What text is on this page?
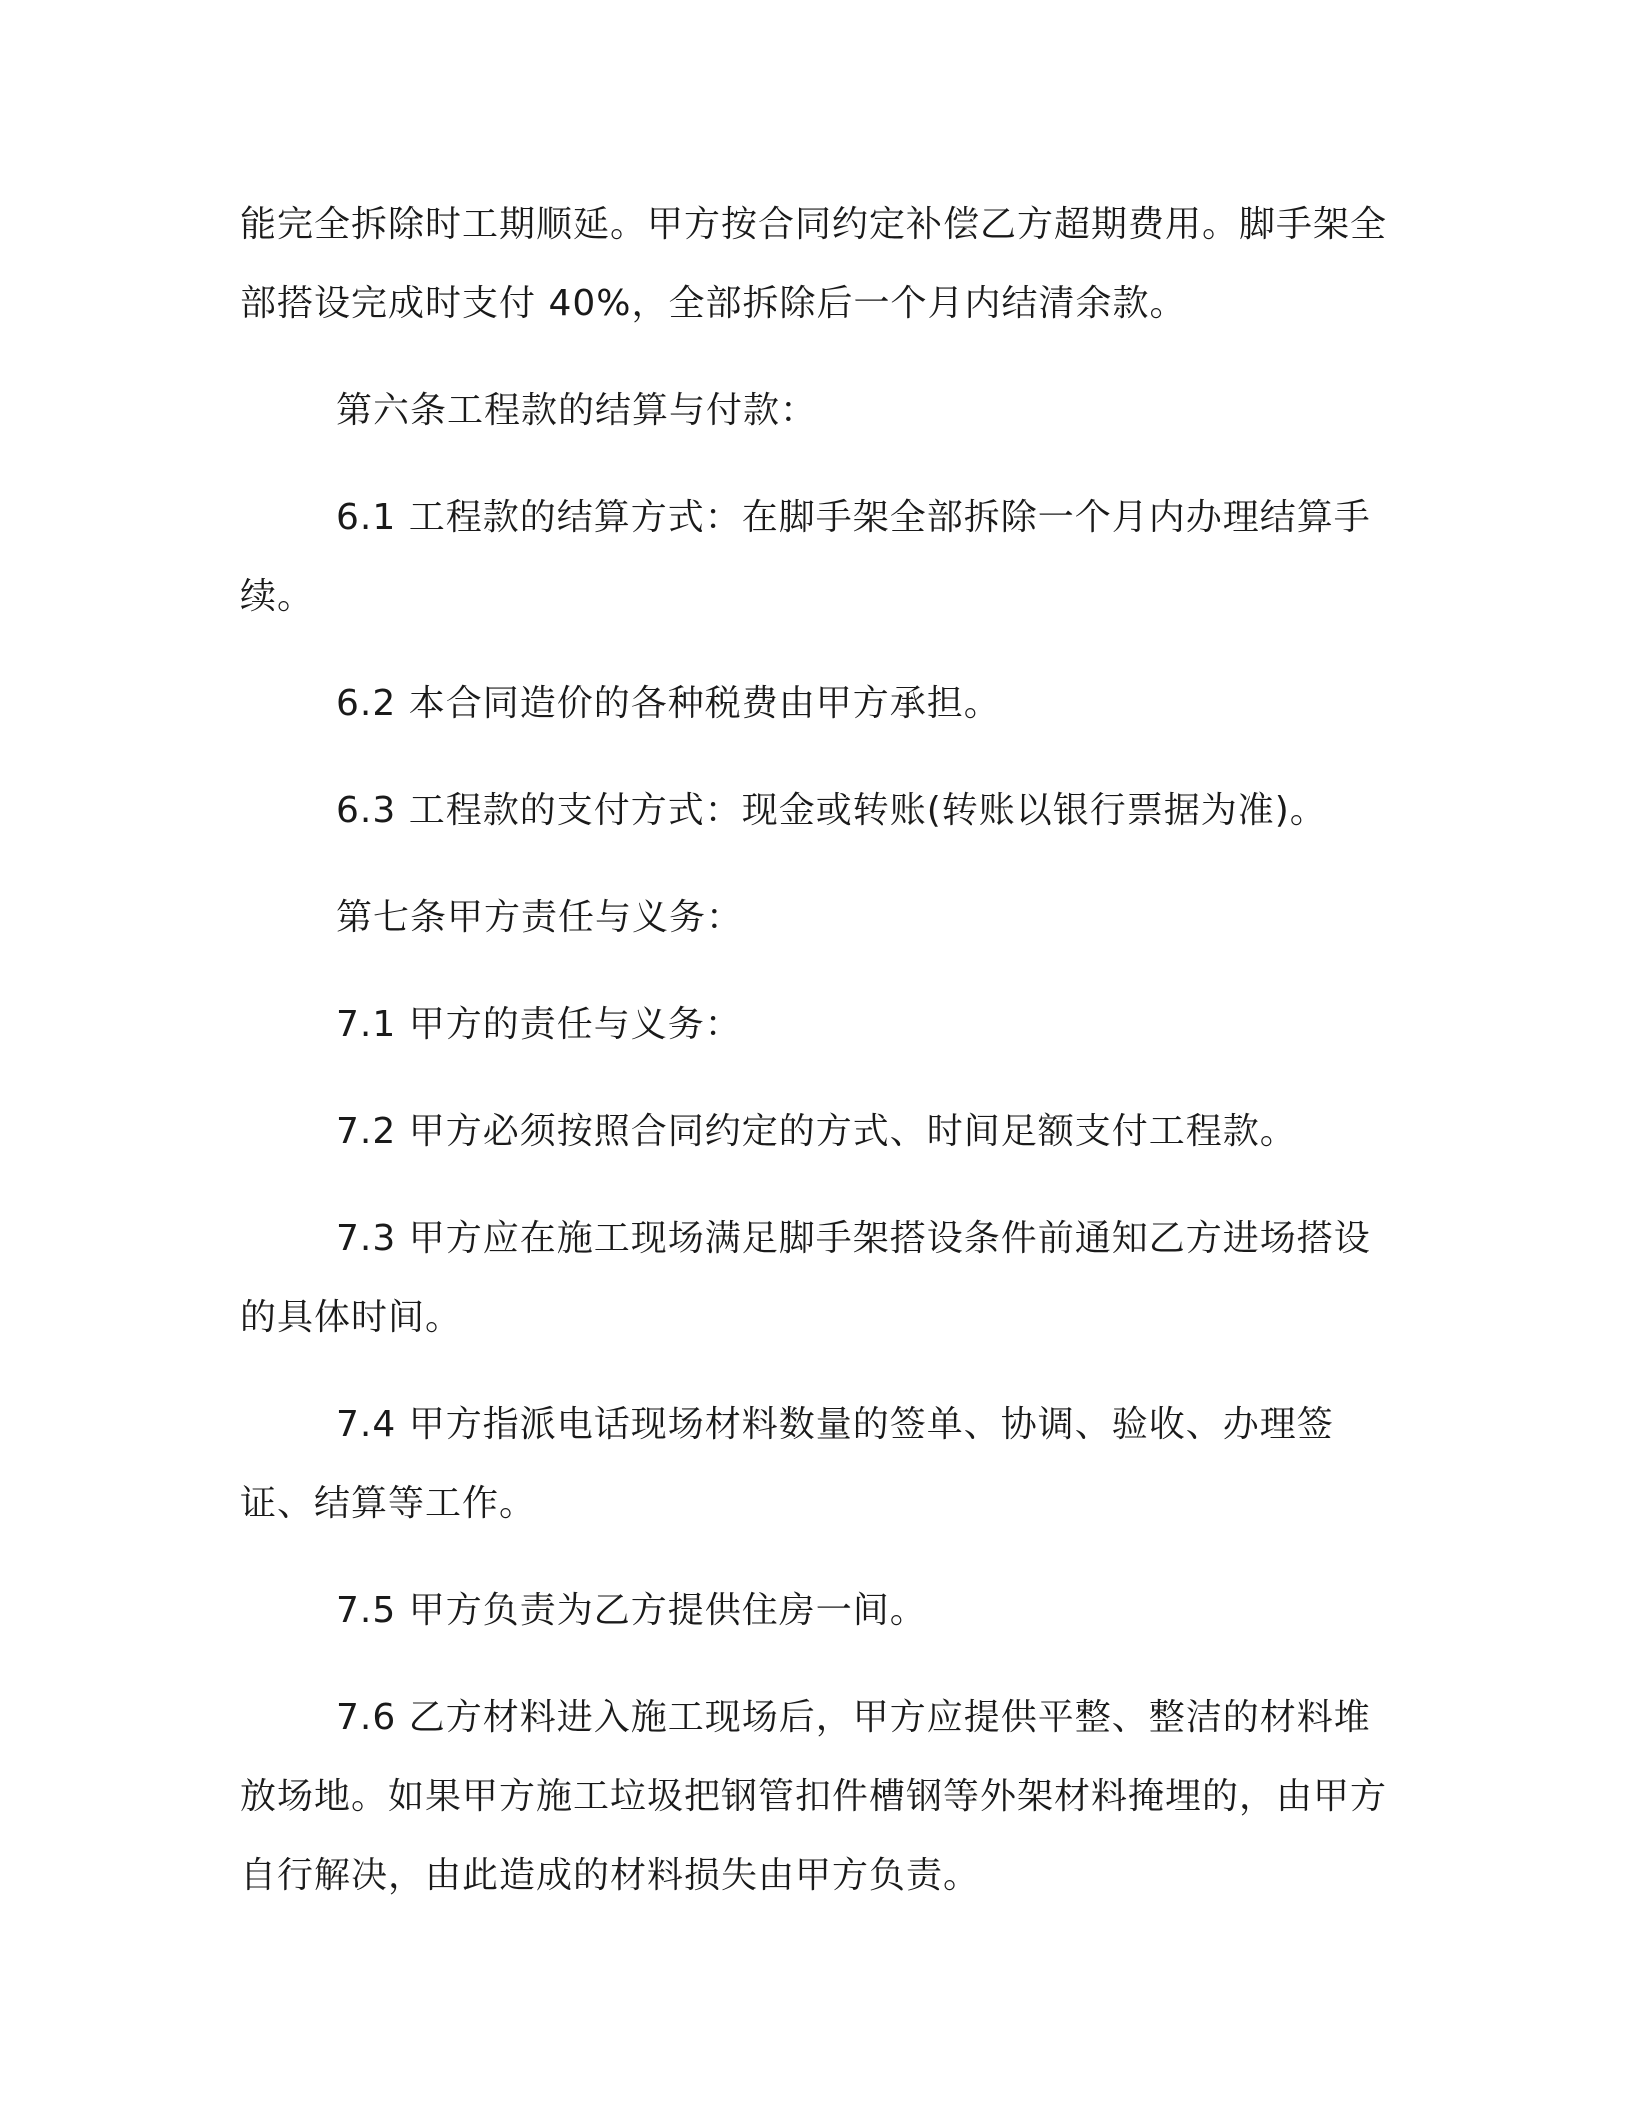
能完全拆除时工期顺延。甲方按合同约定补偿乙方超期费用。脚手架全部搭设完成时支付 40%，全部拆除后一个月内结清余款。

第六条工程款的结算与付款：

6.1 工程款的结算方式：在脚手架全部拆除一个月内办理结算手续。

6.2 本合同造价的各种税费由甲方承担。

6.3 工程款的支付方式：现金或转账(转账以银行票据为准)。

第七条甲方责任与义务：

7.1 甲方的责任与义务：

7.2 甲方必须按照合同约定的方式、时间足额支付工程款。

7.3 甲方应在施工现场满足脚手架搭设条件前通知乙方进场搭设的具体时间。

7.4 甲方指派电话现场材料数量的签单、协调、验收、办理签证、结算等工作。

7.5 甲方负责为乙方提供住房一间。

7.6 乙方材料进入施工现场后，甲方应提供平整、整洁的材料堆放场地。如果甲方施工垃圾把钢管扣件槽钢等外架材料掩埋的，由甲方自行解决，由此造成的材料损失由甲方负责。
